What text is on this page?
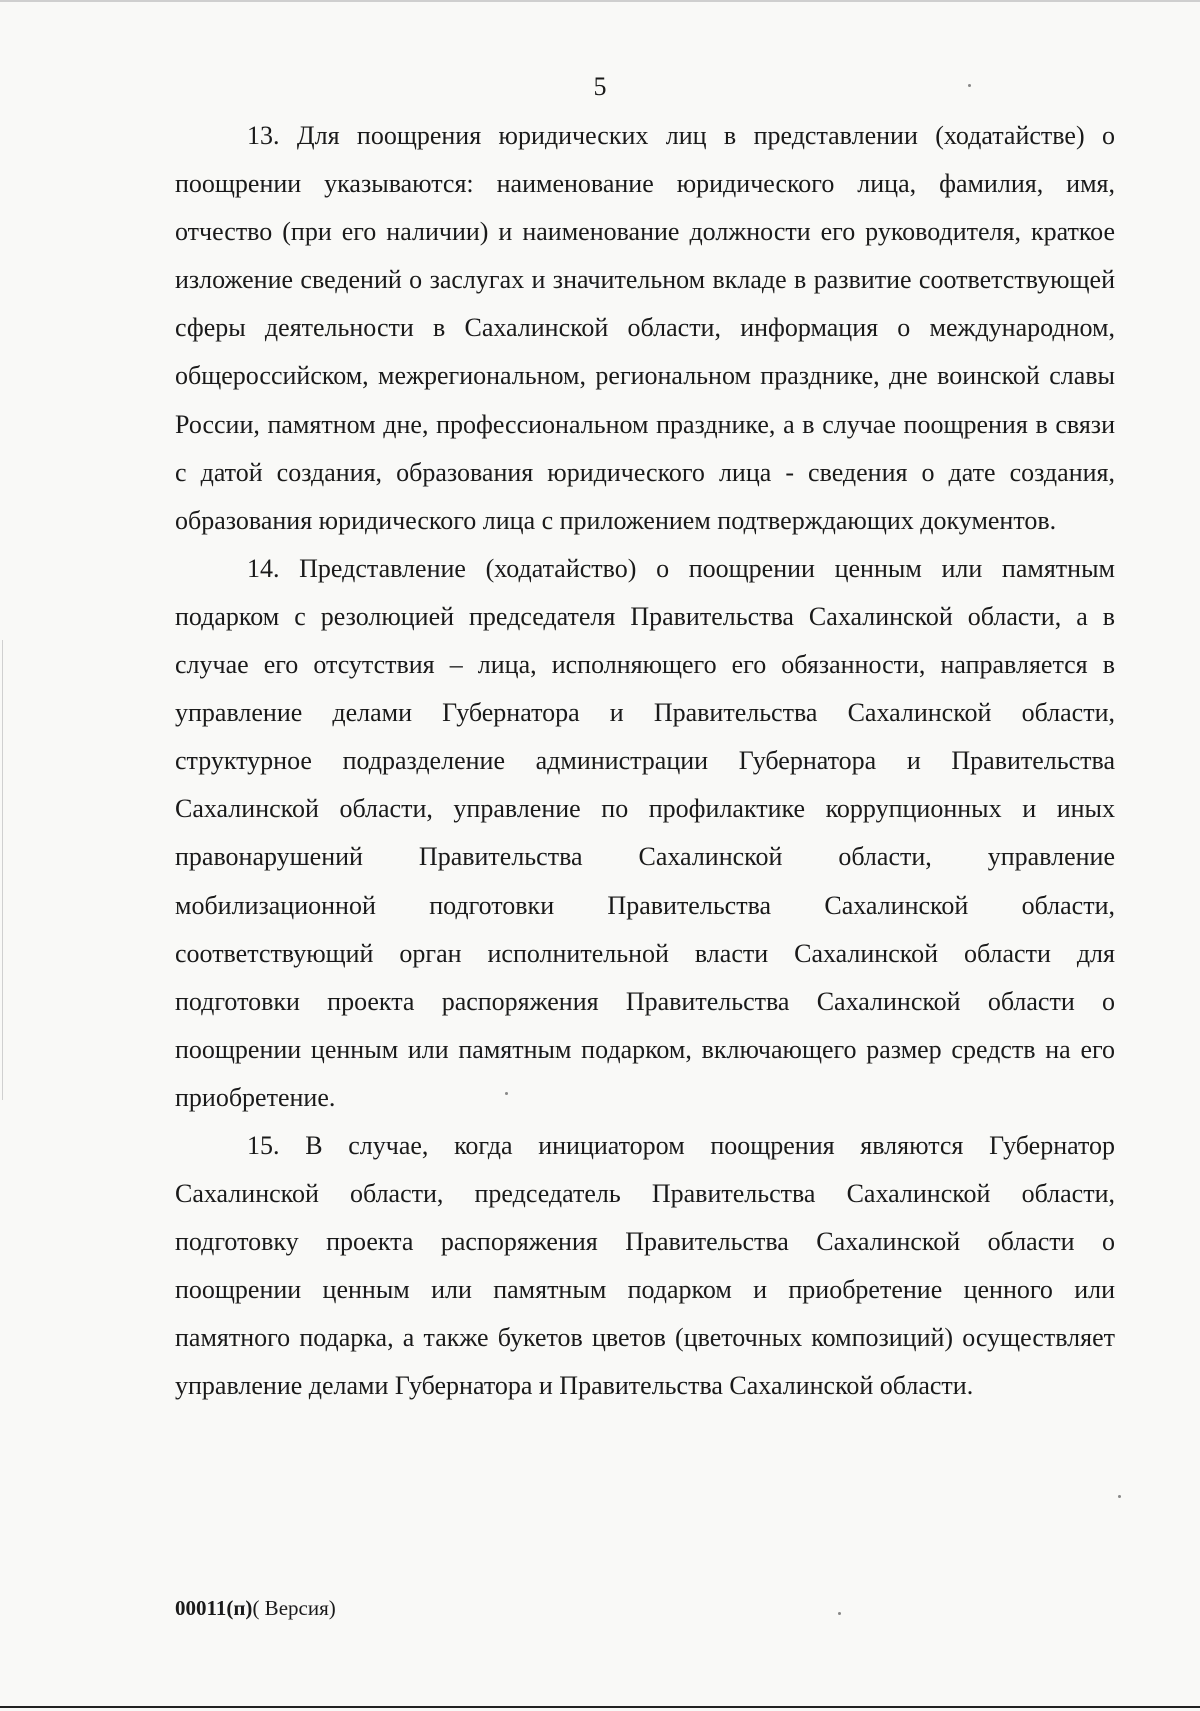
5

13. Для поощрения юридических лиц в представлении (ходатайстве) о поощрении указываются: наименование юридического лица, фамилия, имя, отчество (при его наличии) и наименование должности его руководителя, краткое изложение сведений о заслугах и значительном вкладе в развитие соответствующей сферы деятельности в Сахалинской области, информация о международном, общероссийском, межрегиональном, региональном празднике, дне воинской славы России, памятном дне, профессиональном празднике, а в случае поощрения в связи с датой создания, образования юридического лица - сведения о дате создания, образования юридического лица с приложением подтверждающих документов.

14. Представление (ходатайство) о поощрении ценным или памятным подарком с резолюцией председателя Правительства Сахалинской области, а в случае его отсутствия – лица, исполняющего его обязанности, направляется в управление делами Губернатора и Правительства Сахалинской области, структурное подразделение администрации Губернатора и Правительства Сахалинской области, управление по профилактике коррупционных и иных правонарушений Правительства Сахалинской области, управление мобилизационной подготовки Правительства Сахалинской области, соответствующий орган исполнительной власти Сахалинской области для подготовки проекта распоряжения Правительства Сахалинской области о поощрении ценным или памятным подарком, включающего размер средств на его приобретение.

15. В случае, когда инициатором поощрения являются Губернатор Сахалинской области, председатель Правительства Сахалинской области, подготовку проекта распоряжения Правительства Сахалинской области о поощрении ценным или памятным подарком и приобретение ценного или памятного подарка, а также букетов цветов (цветочных композиций) осуществляет управление делами Губернатора и Правительства Сахалинской области.

00011(п)( Версия)
